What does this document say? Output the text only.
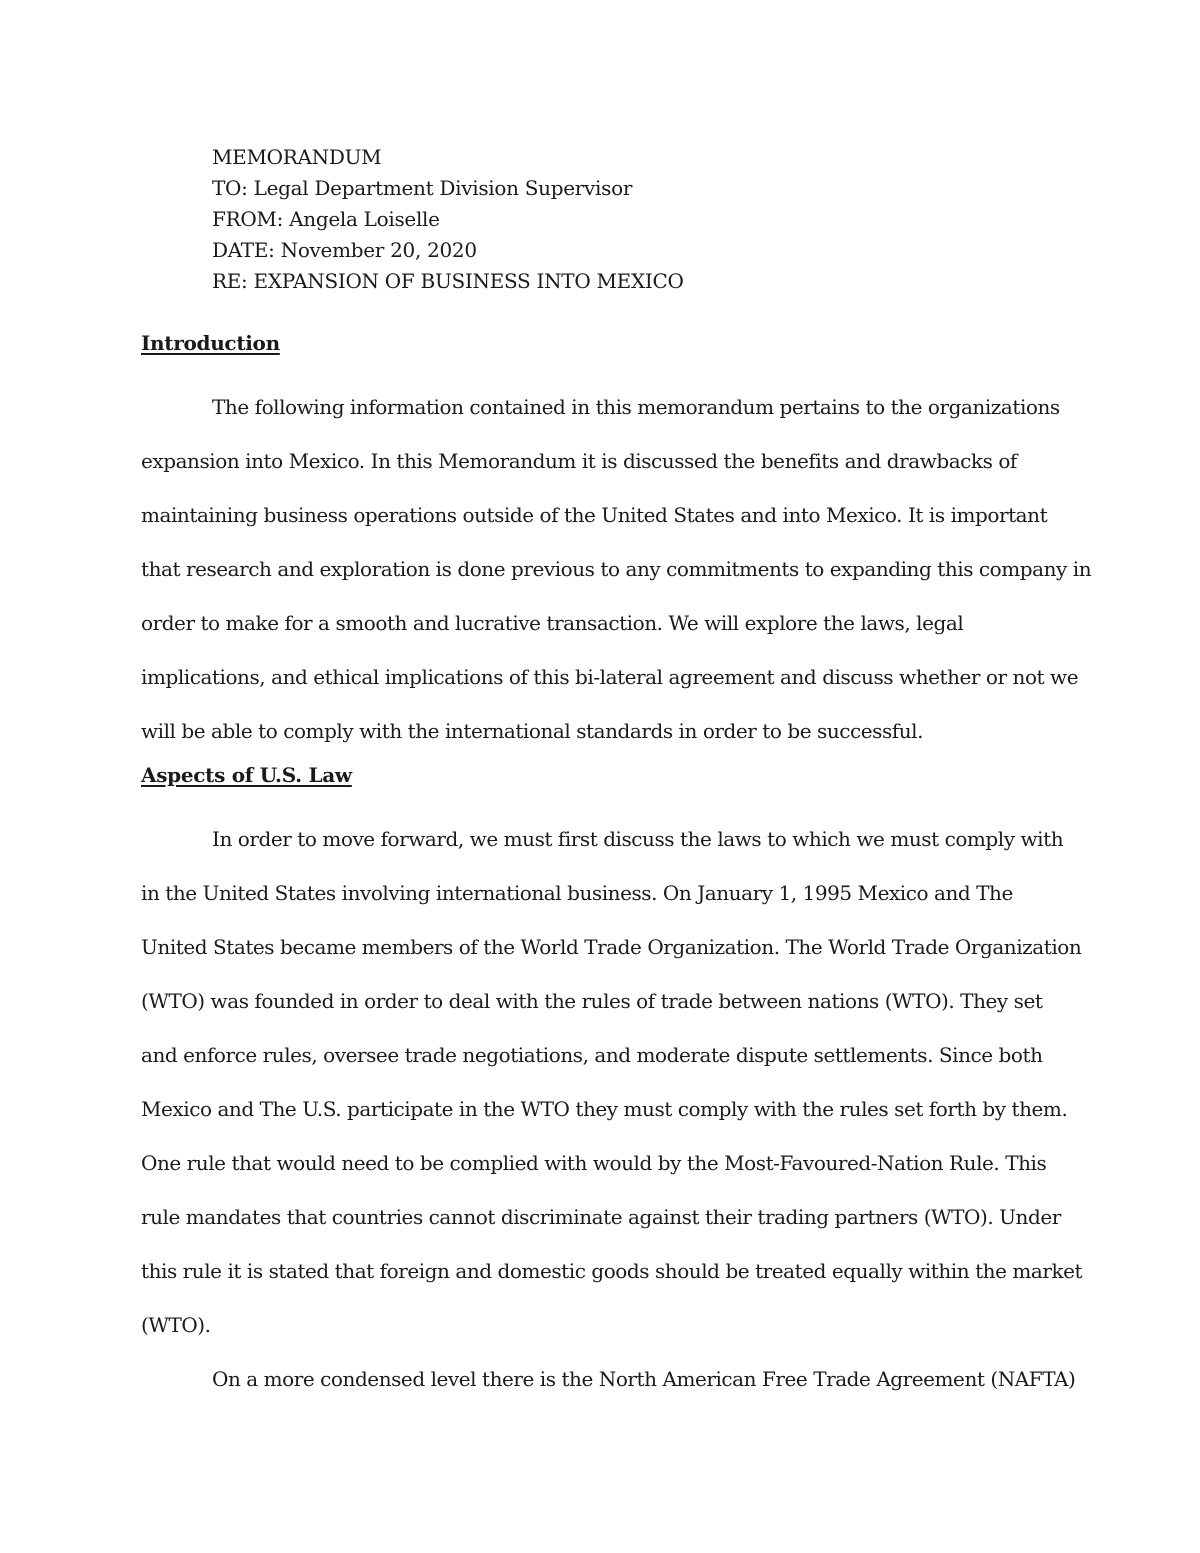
MEMORANDUM
TO: Legal Department Division Supervisor
FROM: Angela Loiselle
DATE: November 20, 2020
RE: EXPANSION OF BUSINESS INTO MEXICO
Introduction
The following information contained in this memorandum pertains to the organizations
expansion into Mexico. In this Memorandum it is discussed the benefits and drawbacks of
maintaining business operations outside of the United States and into Mexico. It is important
that research and exploration is done previous to any commitments to expanding this company in
order to make for a smooth and lucrative transaction. We will explore the laws, legal
implications, and ethical implications of this bi-lateral agreement and discuss whether or not we
will be able to comply with the international standards in order to be successful.
Aspects of U.S. Law
In order to move forward, we must first discuss the laws to which we must comply with
in the United States involving international business. On January 1, 1995 Mexico and The
United States became members of the World Trade Organization. The World Trade Organization
(WTO) was founded in order to deal with the rules of trade between nations (WTO). They set
and enforce rules, oversee trade negotiations, and moderate dispute settlements. Since both
Mexico and The U.S. participate in the WTO they must comply with the rules set forth by them.
One rule that would need to be complied with would by the Most-Favoured-Nation Rule. This
rule mandates that countries cannot discriminate against their trading partners (WTO). Under
this rule it is stated that foreign and domestic goods should be treated equally within the market
(WTO).
On a more condensed level there is the North American Free Trade Agreement (NAFTA)
